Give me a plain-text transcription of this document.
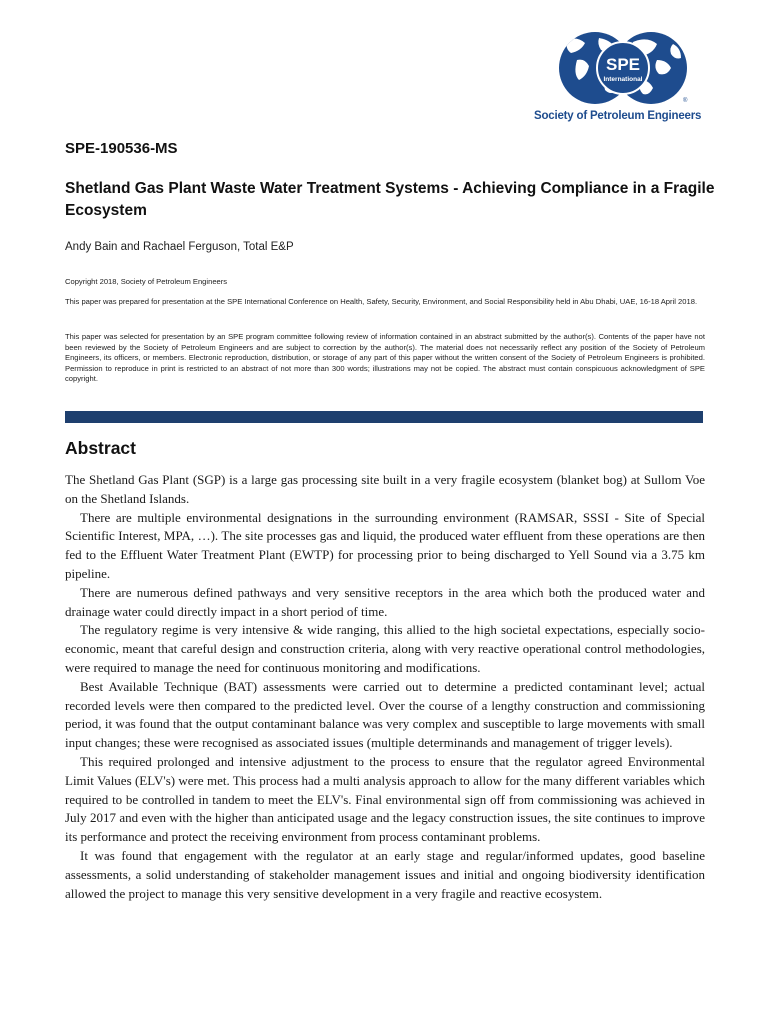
SPE
International
®
Society of Petroleum Engineers
SPE-190536-MS
Shetland Gas Plant Waste Water Treatment Systems - Achieving Compliance in a Fragile Ecosystem
Andy Bain and Rachael Ferguson, Total E&P
Copyright 2018, Society of Petroleum Engineers
This paper was prepared for presentation at the SPE International Conference on Health, Safety, Security, Environment, and Social Responsibility held in Abu Dhabi, UAE, 16-18 April 2018.
This paper was selected for presentation by an SPE program committee following review of information contained in an abstract submitted by the author(s). Contents of the paper have not been reviewed by the Society of Petroleum Engineers and are subject to correction by the author(s). The material does not necessarily reflect any position of the Society of Petroleum Engineers, its officers, or members. Electronic reproduction, distribution, or storage of any part of this paper without the written consent of the Society of Petroleum Engineers is prohibited. Permission to reproduce in print is restricted to an abstract of not more than 300 words; illustrations may not be copied. The abstract must contain conspicuous acknowledgment of SPE copyright.
Abstract

The Shetland Gas Plant (SGP) is a large gas processing site built in a very fragile ecosystem (blanket bog) at Sullom Voe on the Shetland Islands.

There are multiple environmental designations in the surrounding environment (RAMSAR, SSSI - Site of Special Scientific Interest, MPA, …). The site processes gas and liquid, the produced water effluent from these operations are then fed to the Effluent Water Treatment Plant (EWTP) for processing prior to being discharged to Yell Sound via a 3.75 km pipeline.

There are numerous defined pathways and very sensitive receptors in the area which both the produced water and drainage water could directly impact in a short period of time.

The regulatory regime is very intensive & wide ranging, this allied to the high societal expectations, especially socio-economic, meant that careful design and construction criteria, along with very reactive operational control methodologies, were required to manage the need for continuous monitoring and modifications.

Best Available Technique (BAT) assessments were carried out to determine a predicted contaminant level; actual recorded levels were then compared to the predicted level. Over the course of a lengthy construction and commissioning period, it was found that the output contaminant balance was very complex and susceptible to large movements with small input changes; these were recognised as associated issues (multiple determinands and management of trigger levels).

This required prolonged and intensive adjustment to the process to ensure that the regulator agreed Environmental Limit Values (ELV's) were met. This process had a multi analysis approach to allow for the many different variables which required to be controlled in tandem to meet the ELV's. Final environmental sign off from commissioning was achieved in July 2017 and even with the higher than anticipated usage and the legacy construction issues, the site continues to improve its performance and protect the receiving environment from process contaminant problems.

It was found that engagement with the regulator at an early stage and regular/informed updates, good baseline assessments, a solid understanding of stakeholder management issues and initial and ongoing biodiversity identification allowed the project to manage this very sensitive development in a very fragile and reactive ecosystem.
